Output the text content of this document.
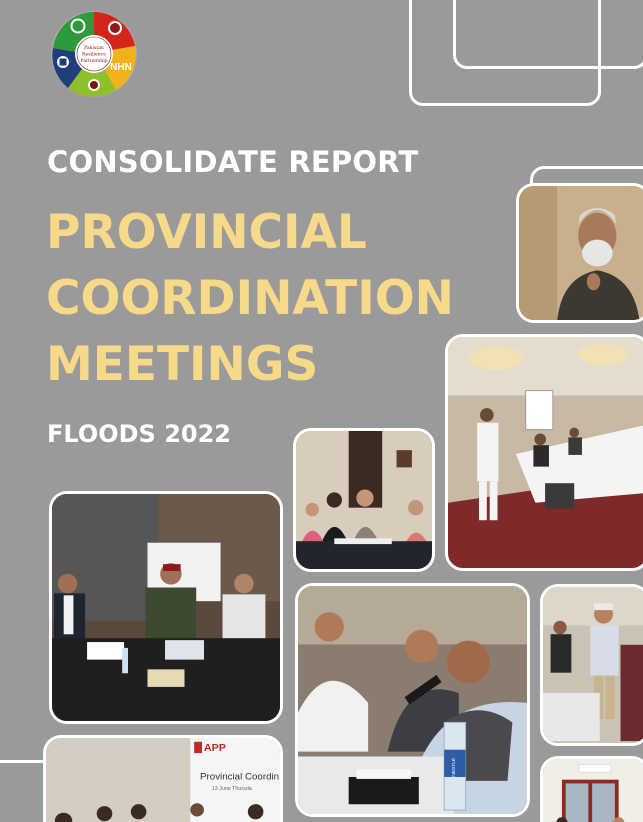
Pakistan
Resilience
Partnership
NHN
CONSOLIDATE REPORT
PROVINCIAL
COORDINATION
MEETINGS
FLOODS 2022
NESTLÉ
APP
Provincial Coordin
13 June Thursda
